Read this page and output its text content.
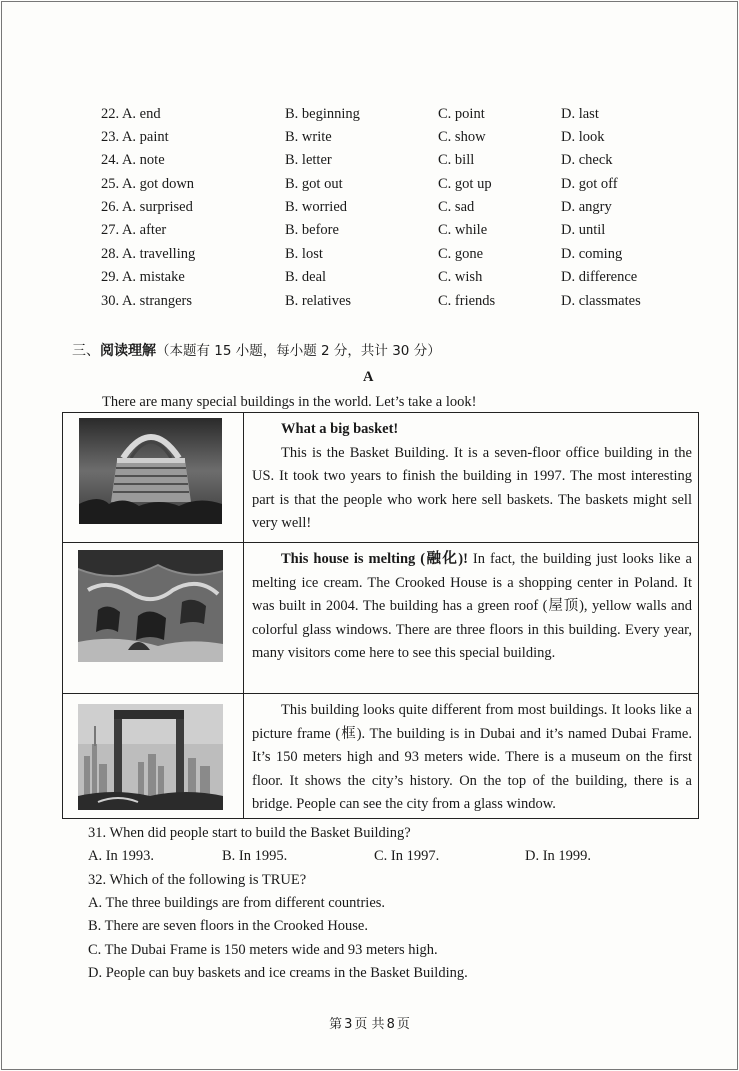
22. A. end	B. beginning	C. point	D. last
23. A. paint	B. write	C. show	D. look
24. A. note	B. letter	C. bill	D. check
25. A. got down	B. got out	C. got up	D. got off
26. A. surprised	B. worried	C. sad	D. angry
27. A. after	B. before	C. while	D. until
28. A. travelling	B. lost	C. gone	D. coming
29. A. mistake	B. deal	C. wish	D. difference
30. A. strangers	B. relatives	C. friends	D. classmates
三、阅读理解（本题有 15 小题，每小题 2 分，共计 30 分）
A
There are many special buildings in the world. Let’s take a look!
What a big basket!
This is the Basket Building. It is a seven-floor office building in the US. It took two years to finish the building in 1997. The most interesting part is that the people who work here sell baskets. The baskets might sell very well!
This house is melting (融化)! In fact, the building just looks like a melting ice cream. The Crooked House is a shopping center in Poland. It was built in 2004. The building has a green roof (屋顶), yellow walls and colorful glass windows. There are three floors in this building. Every year, many visitors come here to see this special building.
This building looks quite different from most buildings. It looks like a picture frame (框). The building is in Dubai and it’s named Dubai Frame. It’s 150 meters high and 93 meters wide. There is a museum on the first floor. It shows the city’s history. On the top of the building, there is a bridge. People can see the city from a glass window.
31. When did people start to build the Basket Building?
A. In 1993.	B. In 1995.	C. In 1997.	D. In 1999.
32. Which of the following is TRUE?
A. The three buildings are from different countries.
B. There are seven floors in the Crooked House.
C. The Dubai Frame is 150 meters wide and 93 meters high.
D. People can buy baskets and ice creams in the Basket Building.
第 3 页 共 8 页
